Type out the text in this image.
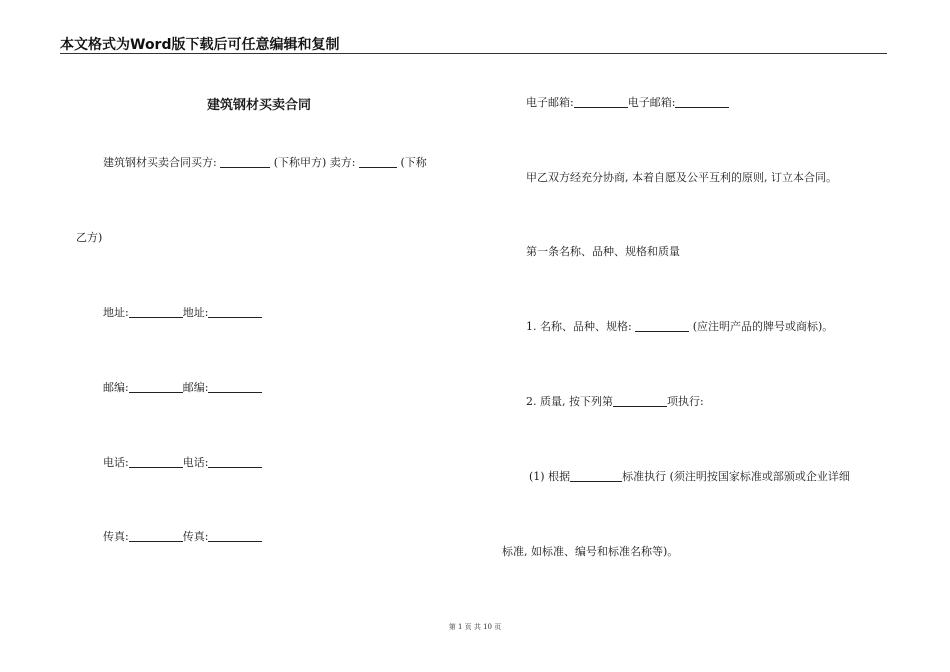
本文格式为Word版下载后可任意编辑和复制
建筑钢材买卖合同
建筑钢材买卖合同买方:	(下称甲方) 卖方:	(下称
乙方)
地址:	地址:
邮编:	邮编:
电话:	电话:
传真:	传真:
电子邮箱:	电子邮箱:
甲乙双方经充分协商, 本着自愿及公平互利的原则, 订立本合同。
第一条名称、品种、规格和质量
1. 名称、品种、规格:	(应注明产品的牌号或商标)。
2. 质量, 按下列第	项执行:
(1) 根据	标准执行 (须注明按国家标准或部颁或企业详细
标准, 如标准、编号和标准名称等)。
第 1 页 共 10 页
